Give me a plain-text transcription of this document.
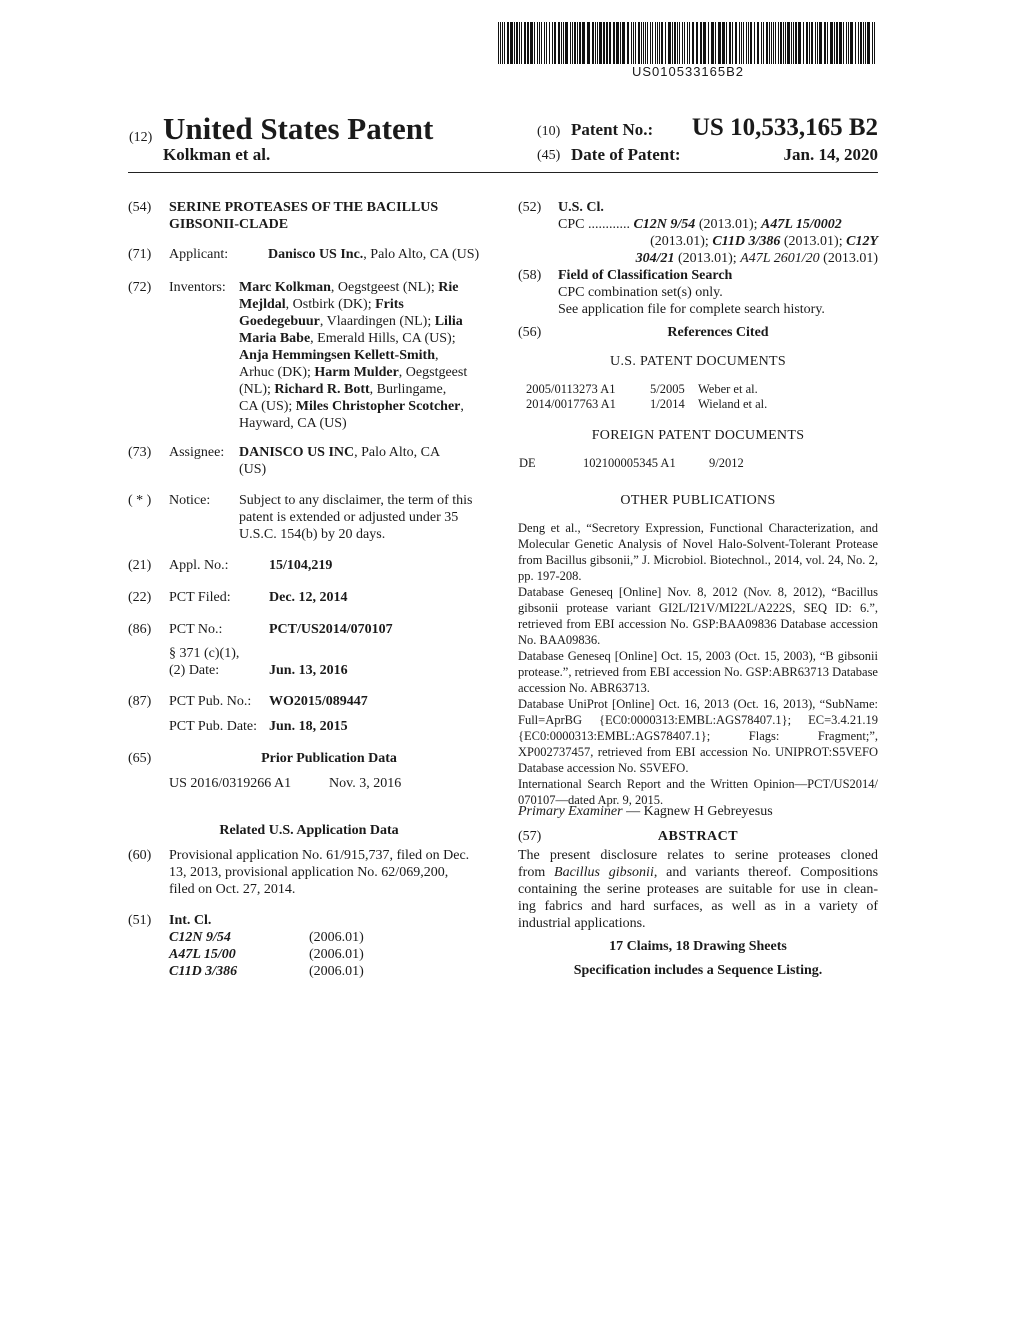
US010533165B2
(12) United States Patent
Kolkman et al.
(10) Patent No.: US 10,533,165 B2
(45) Date of Patent:	Jan. 14, 2020
(54)	SERINE PROTEASES OF THE BACILLUS
GIBSONII-CLADE
(71)	Applicant:	Danisco US Inc., Palo Alto, CA (US)
(72)	Inventors: Marc Kolkman, Oegstgeest (NL); Rie
Mejldal, Ostbirk (DK); Frits
Goedegebuur, Vlaardingen (NL); Lilia
Maria Babe, Emerald Hills, CA (US);
Anja Hemmingsen Kellett-Smith,
Arhuc (DK); Harm Mulder, Oegstgeest
(NL); Richard R. Bott, Burlingame,
CA (US); Miles Christopher Scotcher,
Hayward, CA (US)
(73)	Assignee: DANISCO US INC, Palo Alto, CA
(US)
( * )	Notice: Subject to any disclaimer, the term of this
patent is extended or adjusted under 35
U.S.C. 154(b) by 20 days.
(21)	Appl. No.:	15/104,219
(22)	PCT Filed:	Dec. 12, 2014
(86)	PCT No.:	PCT/US2014/070107
§ 371 (c)(1),
(2) Date:	Jun. 13, 2016
(87)	PCT Pub. No.: WO2015/089447
PCT Pub. Date: Jun. 18, 2015
(65)	Prior Publication Data
US 2016/0319266 A1	Nov. 3, 2016
Related U.S. Application Data
(60)	Provisional application No. 61/915,737, filed on Dec.
13, 2013, provisional application No. 62/069,200,
filed on Oct. 27, 2014.
(51)	Int. Cl.
C12N 9/54	(2006.01)
A47L 15/00	(2006.01)
C11D 3/386	(2006.01)
(52) U.S. Cl.
CPC ............ C12N 9/54 (2013.01); A47L 15/0002
(2013.01); C11D 3/386 (2013.01); C12Y
304/21 (2013.01); A47L 2601/20 (2013.01)
(58) Field of Classification Search
CPC combination set(s) only.
See application file for complete search history.
(56)	References Cited
U.S. PATENT DOCUMENTS
2005/0113273 A1	5/2005 Weber et al.
2014/0017763 A1	1/2014 Wieland et al.
FOREIGN PATENT DOCUMENTS
DE	102100005345 A1	9/2012
OTHER PUBLICATIONS
Deng et al., “Secretory Expression, Functional Characterization, and Molecular Genetic Analysis of Novel Halo-Solvent-Tolerant Protease from Bacillus gibsonii,” J. Microbiol. Biotechnol., 2014, vol. 24, No. 2, pp. 197-208.
Database Geneseq [Online] Nov. 8, 2012 (Nov. 8, 2012), “Bacillus gibsonii protease variant GI2L/I21V/MI22L/A222S, SEQ ID: 6.”, retrieved from EBI accession No. GSP:BAA09836 Database accession No. BAA09836.
Database Geneseq [Online] Oct. 15, 2003 (Oct. 15, 2003), “B gibsonii protease.”, retrieved from EBI accession No. GSP:ABR63713 Database accession No. ABR63713.
Database UniProt [Online] Oct. 16, 2013 (Oct. 16, 2013), “SubName: Full=AprBG {EC0:0000313:EMBL:AGS78407.1}; EC=3.4.21.19 {EC0:0000313:EMBL:AGS78407.1}; Flags: Fragment;”, XP002737457, retrieved from EBI accession No. UNIPROT:S5VEFO Database accession No. S5VEFO.
International Search Report and the Written Opinion—PCT/US2014/ 070107—dated Apr. 9, 2015.
Primary Examiner — Kagnew H Gebreyesus
(57)	ABSTRACT
The present disclosure relates to serine proteases cloned
from Bacillus gibsonii, and variants thereof. Compositions
containing the serine proteases are suitable for use in clean-
ing fabrics and hard surfaces, as well as in a variety of
industrial applications.
17 Claims, 18 Drawing Sheets
Specification includes a Sequence Listing.
